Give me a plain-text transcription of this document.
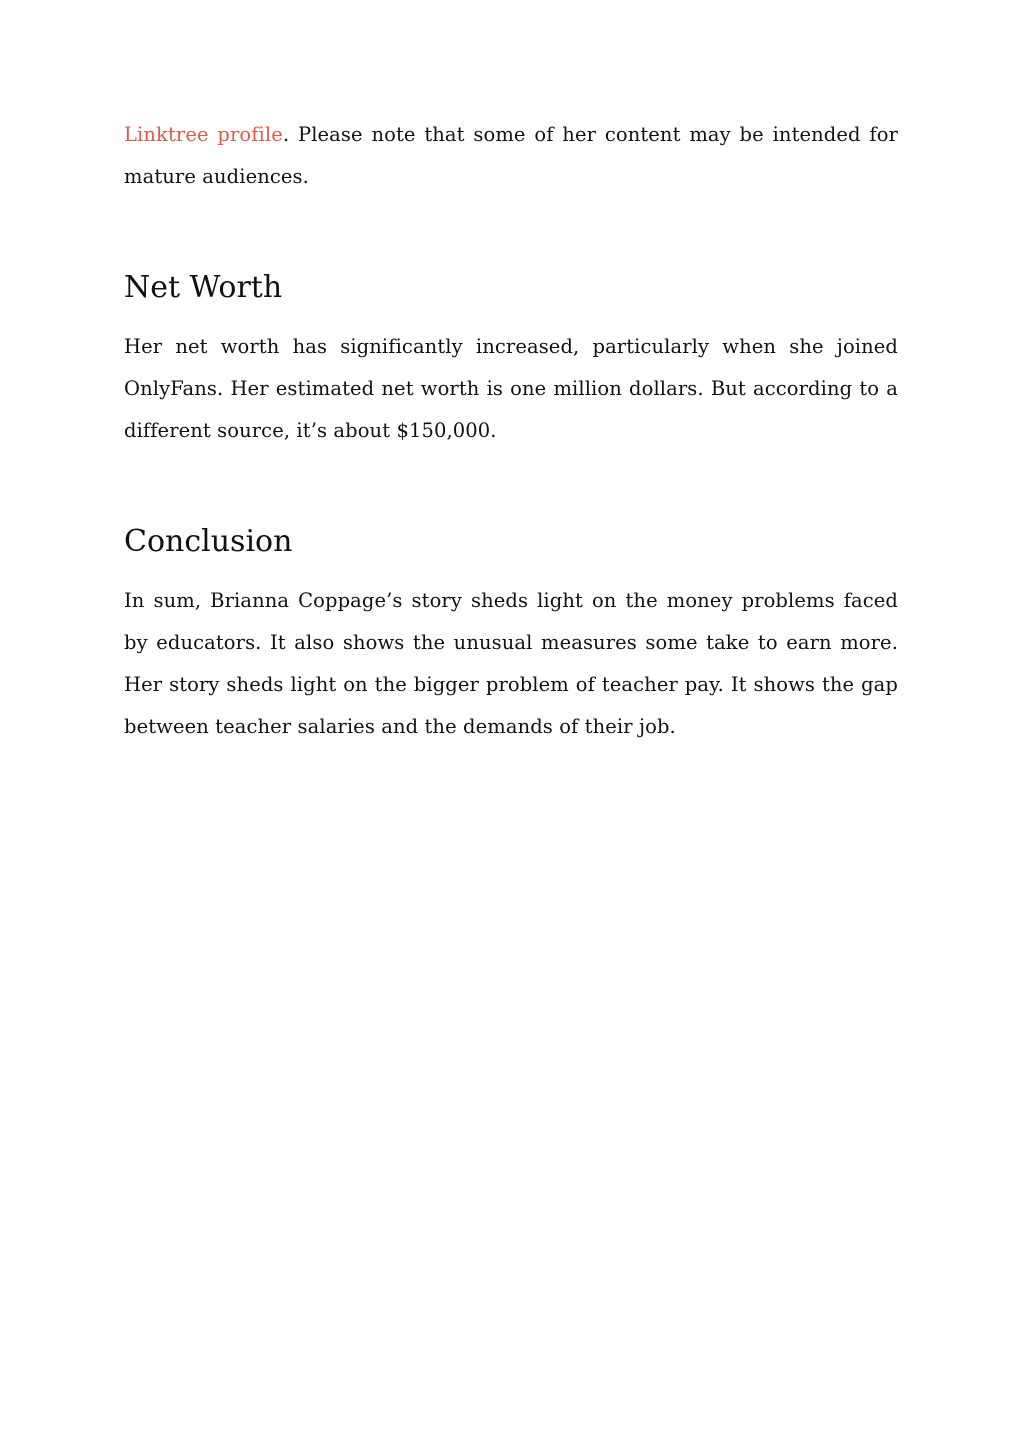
Linktree profile. Please note that some of her content may be intended for mature audiences.

Net Worth

Her net worth has significantly increased, particularly when she joined OnlyFans. Her estimated net worth is one million dollars. But according to a different source, it’s about $150,000.

Conclusion

In sum, Brianna Coppage’s story sheds light on the money problems faced by educators. It also shows the unusual measures some take to earn more. Her story sheds light on the bigger problem of teacher pay. It shows the gap between teacher salaries and the demands of their job.
